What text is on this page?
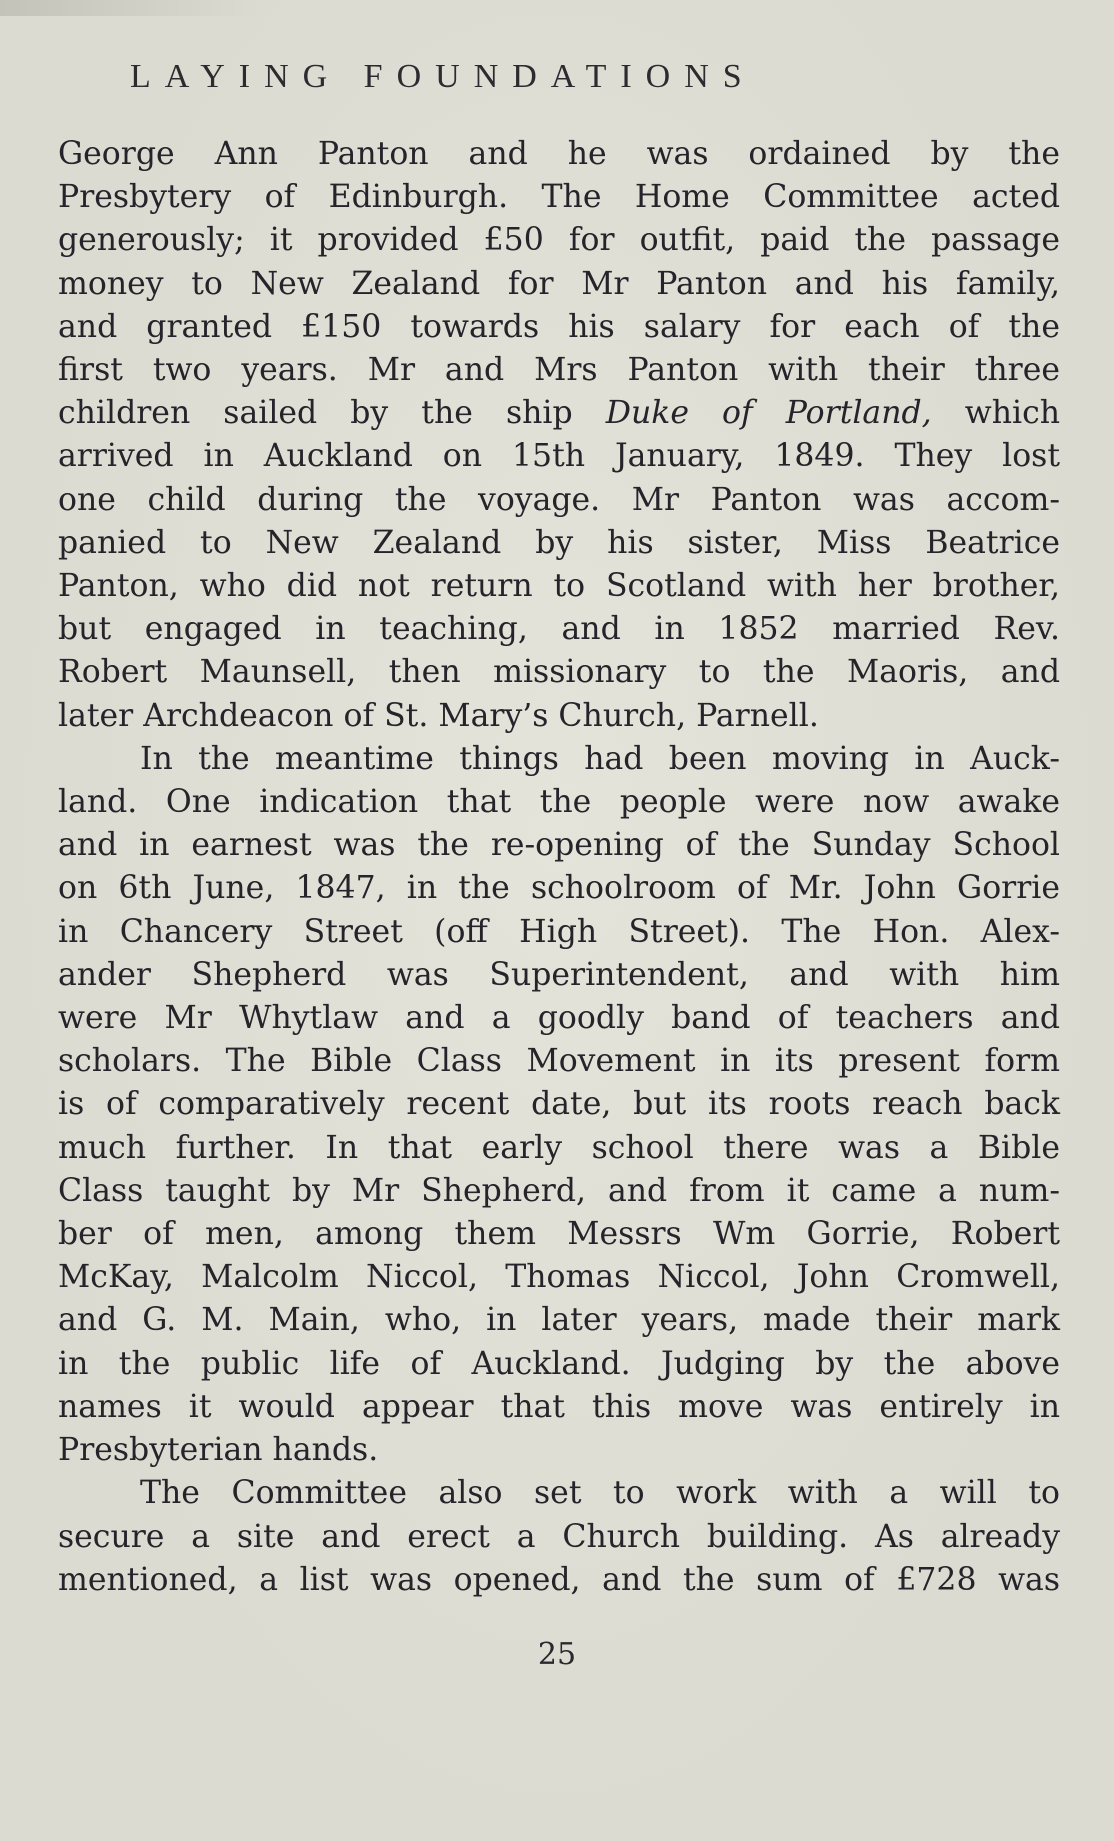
LAYING FOUNDATIONS
George Ann Panton and he was ordained by the
Presbytery of Edinburgh. The Home Committee acted
generously; it provided £50 for outfit, paid the passage
money to New Zealand for Mr Panton and his family,
and granted £150 towards his salary for each of the
first two years. Mr and Mrs Panton with their three
children sailed by the ship Duke of Portland, which
arrived in Auckland on 15th January, 1849. They lost
one child during the voyage. Mr Panton was accom-
panied to New Zealand by his sister, Miss Beatrice
Panton, who did not return to Scotland with her brother,
but engaged in teaching, and in 1852 married Rev.
Robert Maunsell, then missionary to the Maoris, and
later Archdeacon of St. Mary’s Church, Parnell.
In the meantime things had been moving in Auck-
land. One indication that the people were now awake
and in earnest was the re-opening of the Sunday School
on 6th June, 1847, in the schoolroom of Mr. John Gorrie
in Chancery Street (off High Street). The Hon. Alex-
ander Shepherd was Superintendent, and with him
were Mr Whytlaw and a goodly band of teachers and
scholars. The Bible Class Movement in its present form
is of comparatively recent date, but its roots reach back
much further. In that early school there was a Bible
Class taught by Mr Shepherd, and from it came a num-
ber of men, among them Messrs Wm Gorrie, Robert
McKay, Malcolm Niccol, Thomas Niccol, John Cromwell,
and G. M. Main, who, in later years, made their mark
in the public life of Auckland. Judging by the above
names it would appear that this move was entirely in
Presbyterian hands.
The Committee also set to work with a will to
secure a site and erect a Church building. As already
mentioned, a list was opened, and the sum of £728 was
25
